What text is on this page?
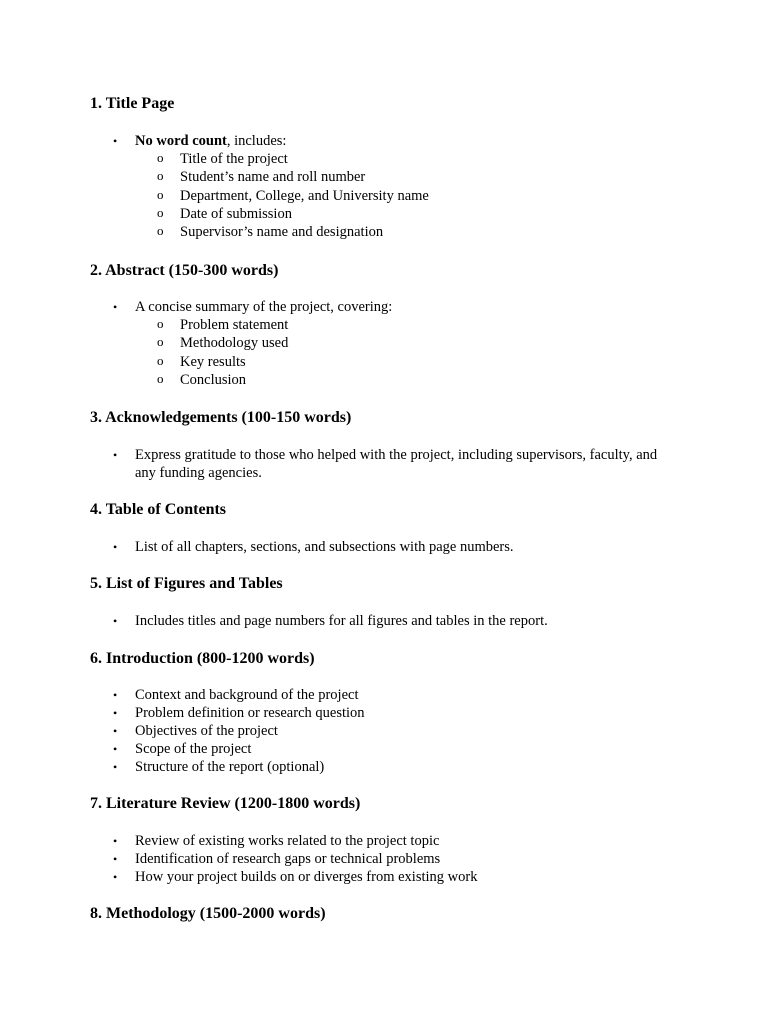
1. Title Page
• No word count, includes:
o Title of the project
o Student’s name and roll number
o Department, College, and University name
o Date of submission
o Supervisor’s name and designation
2. Abstract (150-300 words)
• A concise summary of the project, covering:
o Problem statement
o Methodology used
o Key results
o Conclusion
3. Acknowledgements (100-150 words)
• Express gratitude to those who helped with the project, including supervisors, faculty, and any funding agencies.
4. Table of Contents
• List of all chapters, sections, and subsections with page numbers.
5. List of Figures and Tables
• Includes titles and page numbers for all figures and tables in the report.
6. Introduction (800-1200 words)
• Context and background of the project
• Problem definition or research question
• Objectives of the project
• Scope of the project
• Structure of the report (optional)
7. Literature Review (1200-1800 words)
• Review of existing works related to the project topic
• Identification of research gaps or technical problems
• How your project builds on or diverges from existing work
8. Methodology (1500-2000 words)
